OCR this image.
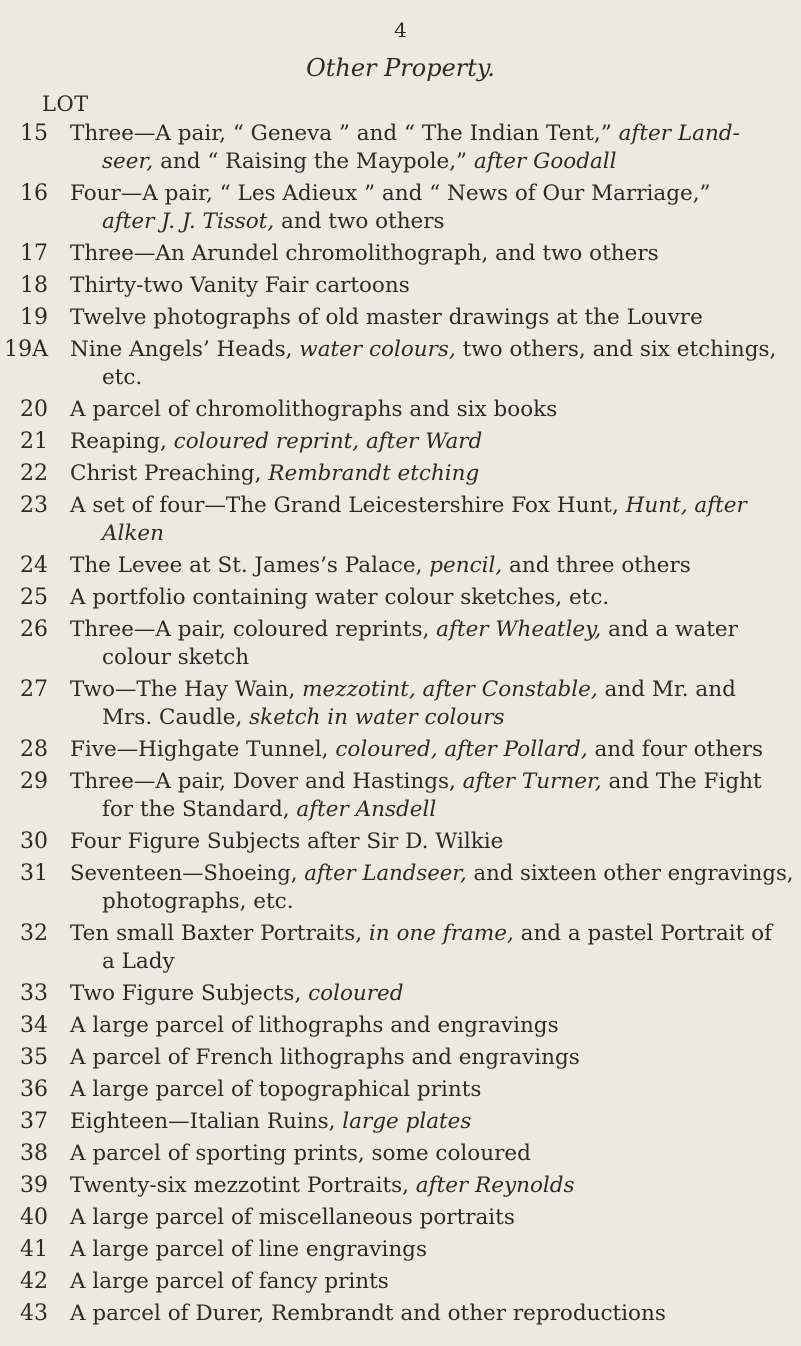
4
Other Property.
LOT
15	Three—A pair, “ Geneva ” and “ The Indian Tent,” after Land-
seer, and “ Raising the Maypole,” after Goodall
16	Four—A pair, “ Les Adieux ” and “ News of Our Marriage,”
after J. J. Tissot, and two others
17	Three—An Arundel chromolithograph, and two others
18	Thirty-two Vanity Fair cartoons
19	Twelve photographs of old master drawings at the Louvre
19A	Nine Angels’ Heads, water colours, two others, and six etchings,
etc.
20	A parcel of chromolithographs and six books
21	Reaping, coloured reprint, after Ward
22	Christ Preaching, Rembrandt etching
23	A set of four—The Grand Leicestershire Fox Hunt, Hunt, after
Alken
24	The Levee at St. James’s Palace, pencil, and three others
25	A portfolio containing water colour sketches, etc.
26	Three—A pair, coloured reprints, after Wheatley, and a water
colour sketch
27	Two—The Hay Wain, mezzotint, after Constable, and Mr. and
Mrs. Caudle, sketch in water colours
28	Five—Highgate Tunnel, coloured, after Pollard, and four others
29	Three—A pair, Dover and Hastings, after Turner, and The Fight
for the Standard, after Ansdell
30	Four Figure Subjects after Sir D. Wilkie
31	Seventeen—Shoeing, after Landseer, and sixteen other engravings,
photographs, etc.
32	Ten small Baxter Portraits, in one frame, and a pastel Portrait of
a Lady
33	Two Figure Subjects, coloured
34	A large parcel of lithographs and engravings
35	A parcel of French lithographs and engravings
36	A large parcel of topographical prints
37	Eighteen—Italian Ruins, large plates
38	A parcel of sporting prints, some coloured
39	Twenty-six mezzotint Portraits, after Reynolds
40	A large parcel of miscellaneous portraits
41	A large parcel of line engravings
42	A large parcel of fancy prints
43	A parcel of Durer, Rembrandt and other reproductions
